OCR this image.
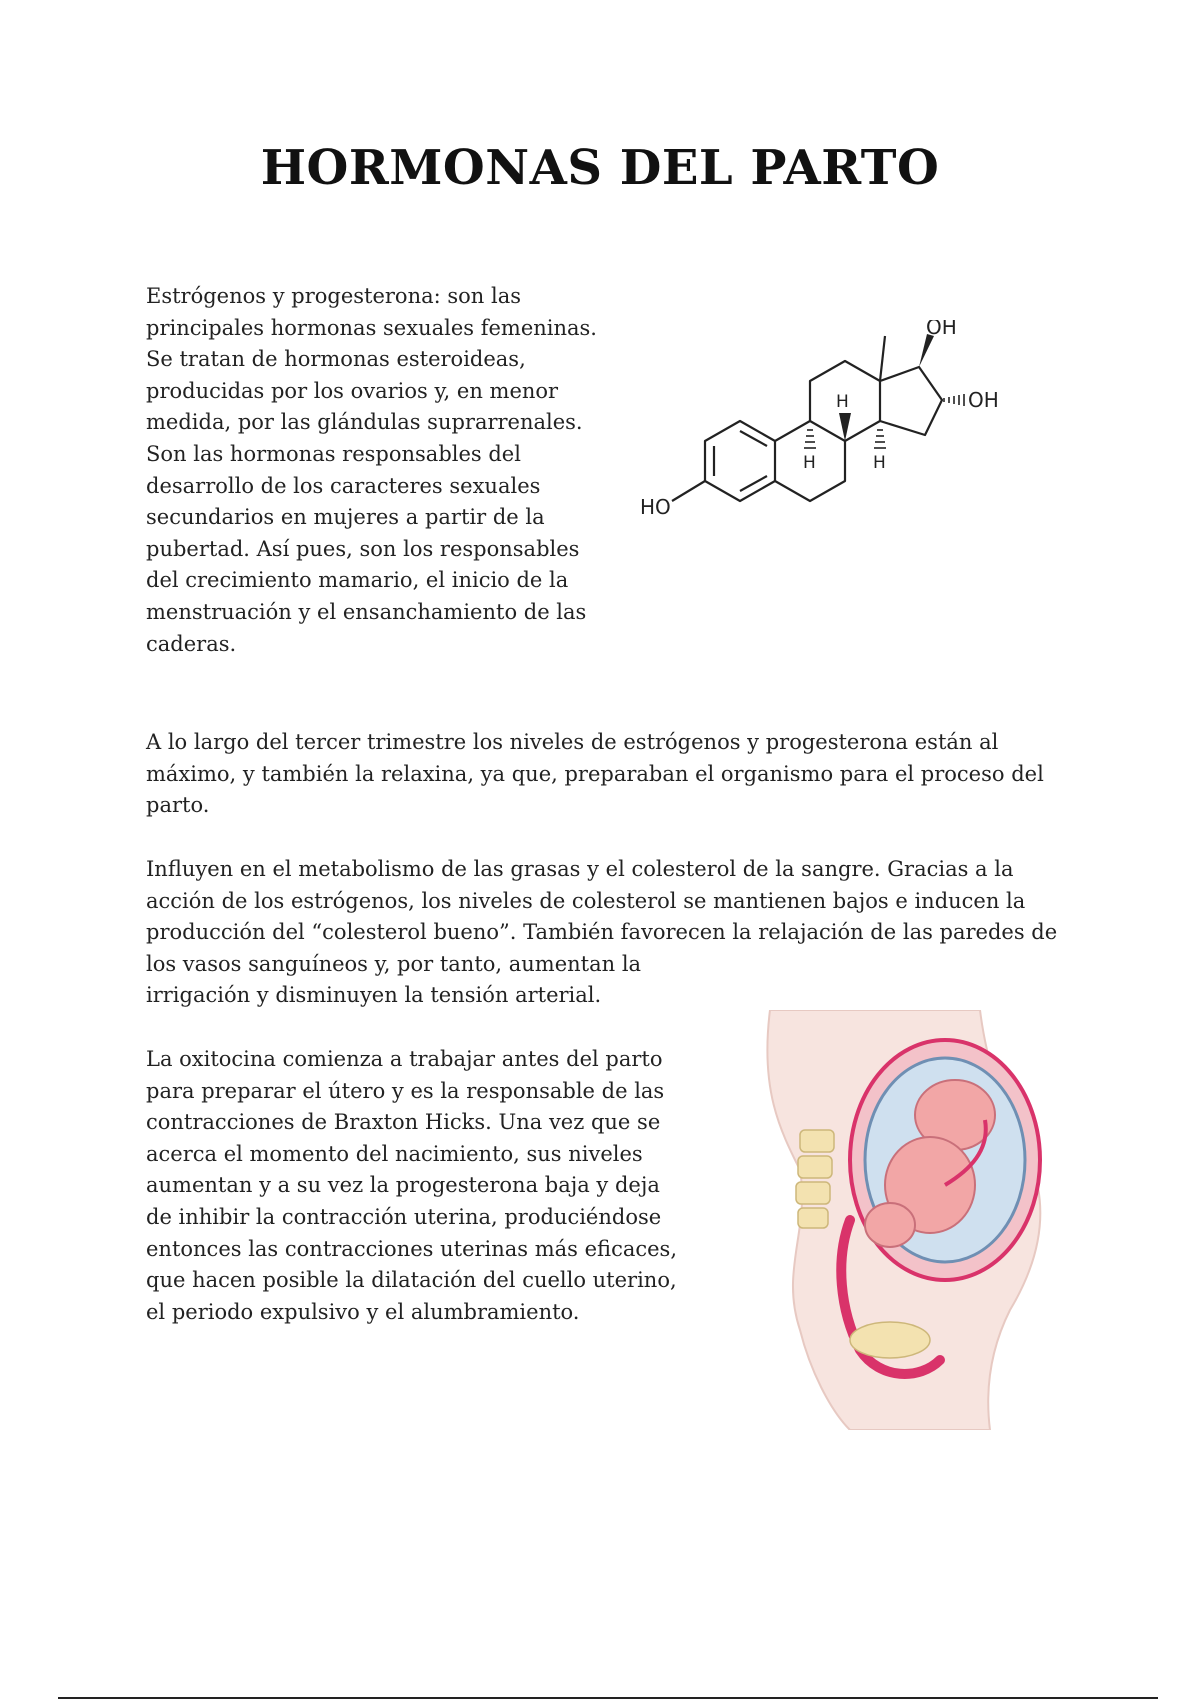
HORMONAS DEL PARTO

Estrógenos y progesterona: son las principales hormonas sexuales femeninas. Se tratan de hormonas esteroideas, producidas por los ovarios y, en menor medida, por las glándulas suprarrenales. Son las hormonas responsables del desarrollo de los caracteres sexuales secundarios en mujeres a partir de la pubertad. Así pues, son los responsables del crecimiento mamario, el inicio de la menstruación y el ensanchamiento de las caderas.

OH
OH
HO
H
H	H

A lo largo del tercer trimestre los niveles de estrógenos y progesterona están al máximo, y también la relaxina, ya que, preparaban el organismo para el proceso del parto.

Influyen en el metabolismo de las grasas y el colesterol de la sangre. Gracias a la acción de los estrógenos, los niveles de colesterol se mantienen bajos e inducen la producción del “colesterol bueno”. También favorecen la relajación de las paredes de
los vasos sanguíneos y, por tanto, aumentan la irrigación y disminuyen la tensión arterial.

La oxitocina comienza a trabajar antes del parto para preparar el útero y es la responsable de las contracciones de Braxton Hicks. Una vez que se acerca el momento del nacimiento, sus niveles aumentan y a su vez la progesterona baja y deja de inhibir la contracción uterina, produciéndose entonces las contracciones uterinas más eficaces, que hacen posible la dilatación del cuello uterino, el periodo expulsivo y el alumbramiento.
